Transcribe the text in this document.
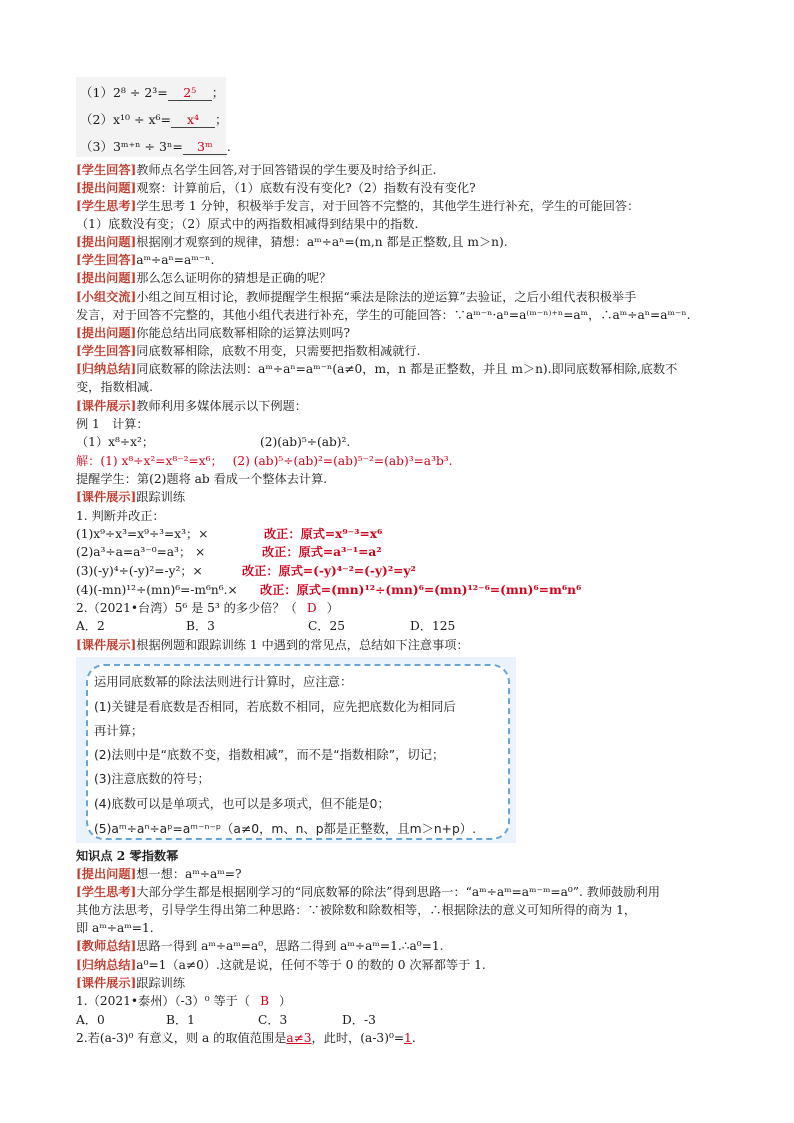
（1）2⁸ ÷ 2³= 2⁵ ；
（2）x¹⁰ ÷ x⁶= x⁴ ；
（3）3ᵐ⁺ⁿ ÷ 3ⁿ= 3ᵐ .
[学生回答]教师点名学生回答,对于回答错误的学生要及时给予纠正.
[提出问题]观察：计算前后，（1）底数有没有变化?（2）指数有没有变化?
[学生思考]学生思考 1 分钟，积极举手发言，对于回答不完整的，其他学生进行补充，学生的可能回答：
（1）底数没有变；（2）原式中的两指数相减得到结果中的指数.
[提出问题]根据刚才观察到的规律，猜想：aᵐ÷aⁿ=(m,n 都是正整数,且 m＞n).
[学生回答]aᵐ÷aⁿ=aᵐ⁻ⁿ.
[提出问题]那么怎么证明你的猜想是正确的呢？
[小组交流]小组之间互相讨论，教师提醒学生根据“乘法是除法的逆运算”去验证，之后小组代表积极举手
发言，对于回答不完整的，其他小组代表进行补充，学生的可能回答：∵aᵐ⁻ⁿ·aⁿ=a⁽ᵐ⁻ⁿ⁾⁺ⁿ=aᵐ，∴aᵐ÷aⁿ=aᵐ⁻ⁿ.
[提出问题]你能总结出同底数幂相除的运算法则吗?
[学生回答]同底数幂相除，底数不用变，只需要把指数相减就行.
[归纳总结]同底数幂的除法法则：aᵐ÷aⁿ=aᵐ⁻ⁿ(a≠0，m，n 都是正整数，并且 m＞n).即同底数幂相除,底数不
变，指数相减.
[课件展示]教师利用多媒体展示以下例题：
例 1　计算：
（1）x⁸÷x²；	(2)(ab)⁵÷(ab)².
解：(1) x⁸÷x²=x⁸⁻²=x⁶；　 (2) (ab)⁵÷(ab)²=(ab)⁵⁻²=(ab)³=a³b³.
提醒学生：第(2)题将 ab 看成一个整体去计算.
[课件展示]跟踪训练
1. 判断并改正：
(1)x⁹÷x³=x⁹÷³=x³；×	改正：原式=x⁹⁻³=x⁶
(2)a³÷a=a³⁻⁰=a³； ×	改正：原式=a³⁻¹=a²
(3)(-y)⁴÷(-y)²=-y²；×	改正：原式=(-y)⁴⁻²=(-y)²=y²
(4)(-mn)¹²÷(mn)⁶=-m⁶n⁶.× 改正：原式=(mn)¹²÷(mn)⁶=(mn)¹²⁻⁶=(mn)⁶=m⁶n⁶
2.（2021•台湾）5⁶ 是 5³ 的多少倍？（ D ）
A．2	B．3	C．25	D．125
[课件展示]根据例题和跟踪训练 1 中遇到的常见点，总结如下注意事项：
运用同底数幂的除法法则进行计算时，应注意：
(1)关键是看底数是否相同，若底数不相同，应先把底数化为相同后
再计算；
(2)法则中是“底数不变，指数相减”，而不是“指数相除”，切记；
(3)注意底数的符号；
(4)底数可以是单项式，也可以是多项式，但不能是0；
(5)aᵐ÷aⁿ÷aᵖ=aᵐ⁻ⁿ⁻ᵖ（a≠0，m、n、p都是正整数，且m＞n+p）.
知识点 2 零指数幂
[提出问题]想一想：aᵐ÷aᵐ=?
[学生思考]大部分学生都是根据刚学习的“同底数幂的除法”得到思路一：“aᵐ÷aᵐ=aᵐ⁻ᵐ=a⁰”. 教师鼓励利用
其他方法思考，引导学生得出第二种思路：∵被除数和除数相等，∴根据除法的意义可知所得的商为 1，
即 aᵐ÷aᵐ=1.
[教师总结]思路一得到 aᵐ÷aᵐ=a⁰，思路二得到 aᵐ÷aᵐ=1.∴a⁰=1.
[归纳总结]a⁰=1（a≠0）.这就是说，任何不等于 0 的数的 0 次幂都等于 1.
[课件展示]跟踪训练
1.（2021•泰州）（-3）⁰ 等于（ B ）
A．0	B．1	C．3	D．-3
2.若(a-3)⁰ 有意义，则 a 的取值范围是a≠3，此时，(a-3)⁰=1.
